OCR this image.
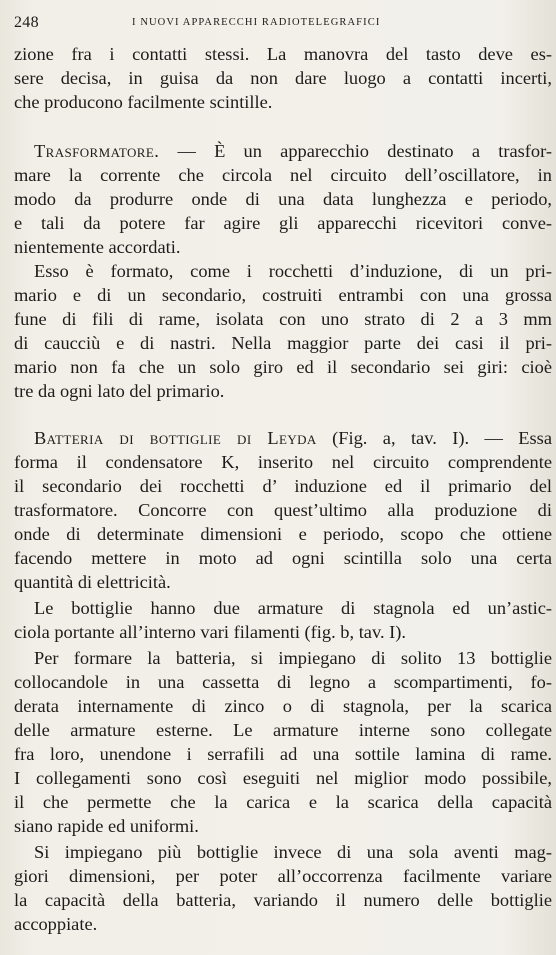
248	I NUOVI APPARECCHI RADIOTELEGRAFICI
zione fra i contatti stessi. La manovra del tasto deve es-
sere decisa, in guisa da non dare luogo a contatti incerti,
che producono facilmente scintille.
Trasformatore. — È un apparecchio destinato a trasfor-
mare la corrente che circola nel circuito dell’oscillatore, in
modo da produrre onde di una data lunghezza e periodo,
e tali da potere far agire gli apparecchi ricevitori conve-
nientemente accordati.
Esso è formato, come i rocchetti d’induzione, di un pri-
mario e di un secondario, costruiti entrambi con una grossa
fune di fili di rame, isolata con uno strato di 2 a 3 mm
di caucciù e di nastri. Nella maggior parte dei casi il pri-
mario non fa che un solo giro ed il secondario sei giri: cioè
tre da ogni lato del primario.
Batteria di bottiglie di Leyda (Fig. a, tav. I). — Essa
forma il condensatore K, inserito nel circuito comprendente
il secondario dei rocchetti d’ induzione ed il primario del
trasformatore. Concorre con quest’ultimo alla produzione di
onde di determinate dimensioni e periodo, scopo che ottiene
facendo mettere in moto ad ogni scintilla solo una certa
quantità di elettricità.
Le bottiglie hanno due armature di stagnola ed un’astic-
ciola portante all’interno vari filamenti (fig. b, tav. I).
Per formare la batteria, si impiegano di solito 13 bottiglie
collocandole in una cassetta di legno a scompartimenti, fo-
derata internamente di zinco o di stagnola, per la scarica
delle armature esterne. Le armature interne sono collegate
fra loro, unendone i serrafili ad una sottile lamina di rame.
I collegamenti sono così eseguiti nel miglior modo possibile,
il che permette che la carica e la scarica della capacità
siano rapide ed uniformi.
Si impiegano più bottiglie invece di una sola aventi mag-
giori dimensioni, per poter all’occorrenza facilmente variare
la capacità della batteria, variando il numero delle bottiglie
accoppiate.
